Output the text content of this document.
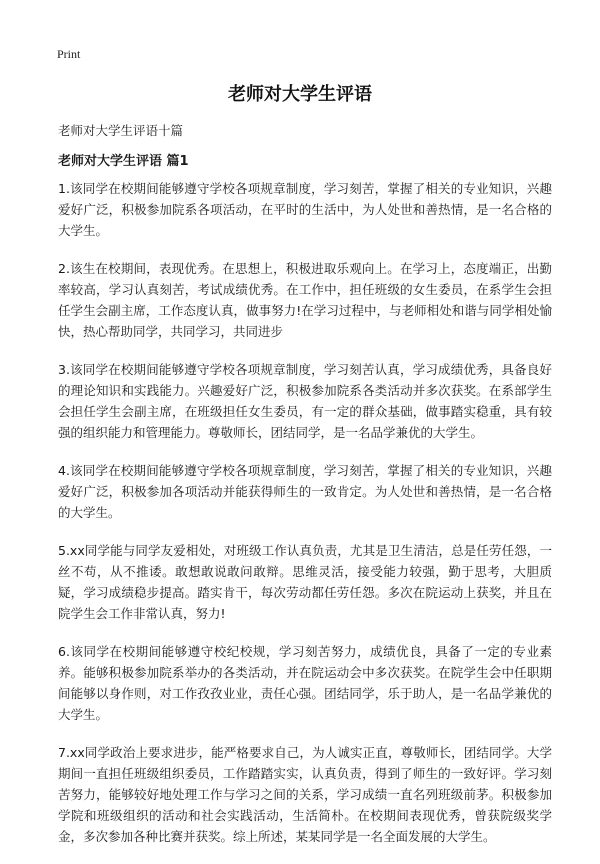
Print
老师对大学生评语

老师对大学生评语十篇

老师对大学生评语 篇1

1.该同学在校期间能够遵守学校各项规章制度，学习刻苦，掌握了相关的专业知识，兴趣爱好广泛，积极参加院系各项活动，在平时的生活中，为人处世和善热情，是一名合格的大学生。

2.该生在校期间，表现优秀。在思想上，积极进取乐观向上。在学习上，态度端正，出勤率较高，学习认真刻苦，考试成绩优秀。在工作中，担任班级的女生委员，在系学生会担任学生会副主席，工作态度认真，做事努力!在学习过程中，与老师相处和谐与同学相处愉快，热心帮助同学，共同学习，共同进步

3.该同学在校期间能够遵守学校各项规章制度，学习刻苦认真，学习成绩优秀，具备良好的理论知识和实践能力。兴趣爱好广泛，积极参加院系各类活动并多次获奖。在系部学生会担任学生会副主席，在班级担任女生委员，有一定的群众基础，做事踏实稳重，具有较强的组织能力和管理能力。尊敬师长，团结同学，是一名品学兼优的大学生。

4.该同学在校期间能够遵守学校各项规章制度，学习刻苦，掌握了相关的专业知识，兴趣爱好广泛，积极参加各项活动并能获得师生的一致肯定。为人处世和善热情，是一名合格的大学生。

5.xx同学能与同学友爱相处，对班级工作认真负责，尤其是卫生清洁，总是任劳任怨，一丝不苟，从不推诿。敢想敢说敢问敢辩。思维灵活，接受能力较强，勤于思考，大胆质疑，学习成绩稳步提高。踏实肯干，每次劳动都任劳任怨。多次在院运动上获奖，并且在院学生会工作非常认真，努力!

6.该同学在校期间能够遵守校纪校规，学习刻苦努力，成绩优良，具备了一定的专业素养。能够积极参加院系举办的各类活动，并在院运动会中多次获奖。在院学生会中任职期间能够以身作则，对工作孜孜业业，责任心强。团结同学，乐于助人，是一名品学兼优的大学生。

7.xx同学政治上要求进步，能严格要求自己，为人诚实正直，尊敬师长，团结同学。大学期间一直担任班级组织委员，工作踏踏实实，认真负责，得到了师生的一致好评。学习刻苦努力，能够较好地处理工作与学习之间的关系，学习成绩一直名列班级前茅。积极参加学院和班级组织的活动和社会实践活动，生活简朴。在校期间表现优秀，曾获院级奖学金，多次参加各种比赛并获奖。综上所述，某某同学是一名全面发展的大学生。
